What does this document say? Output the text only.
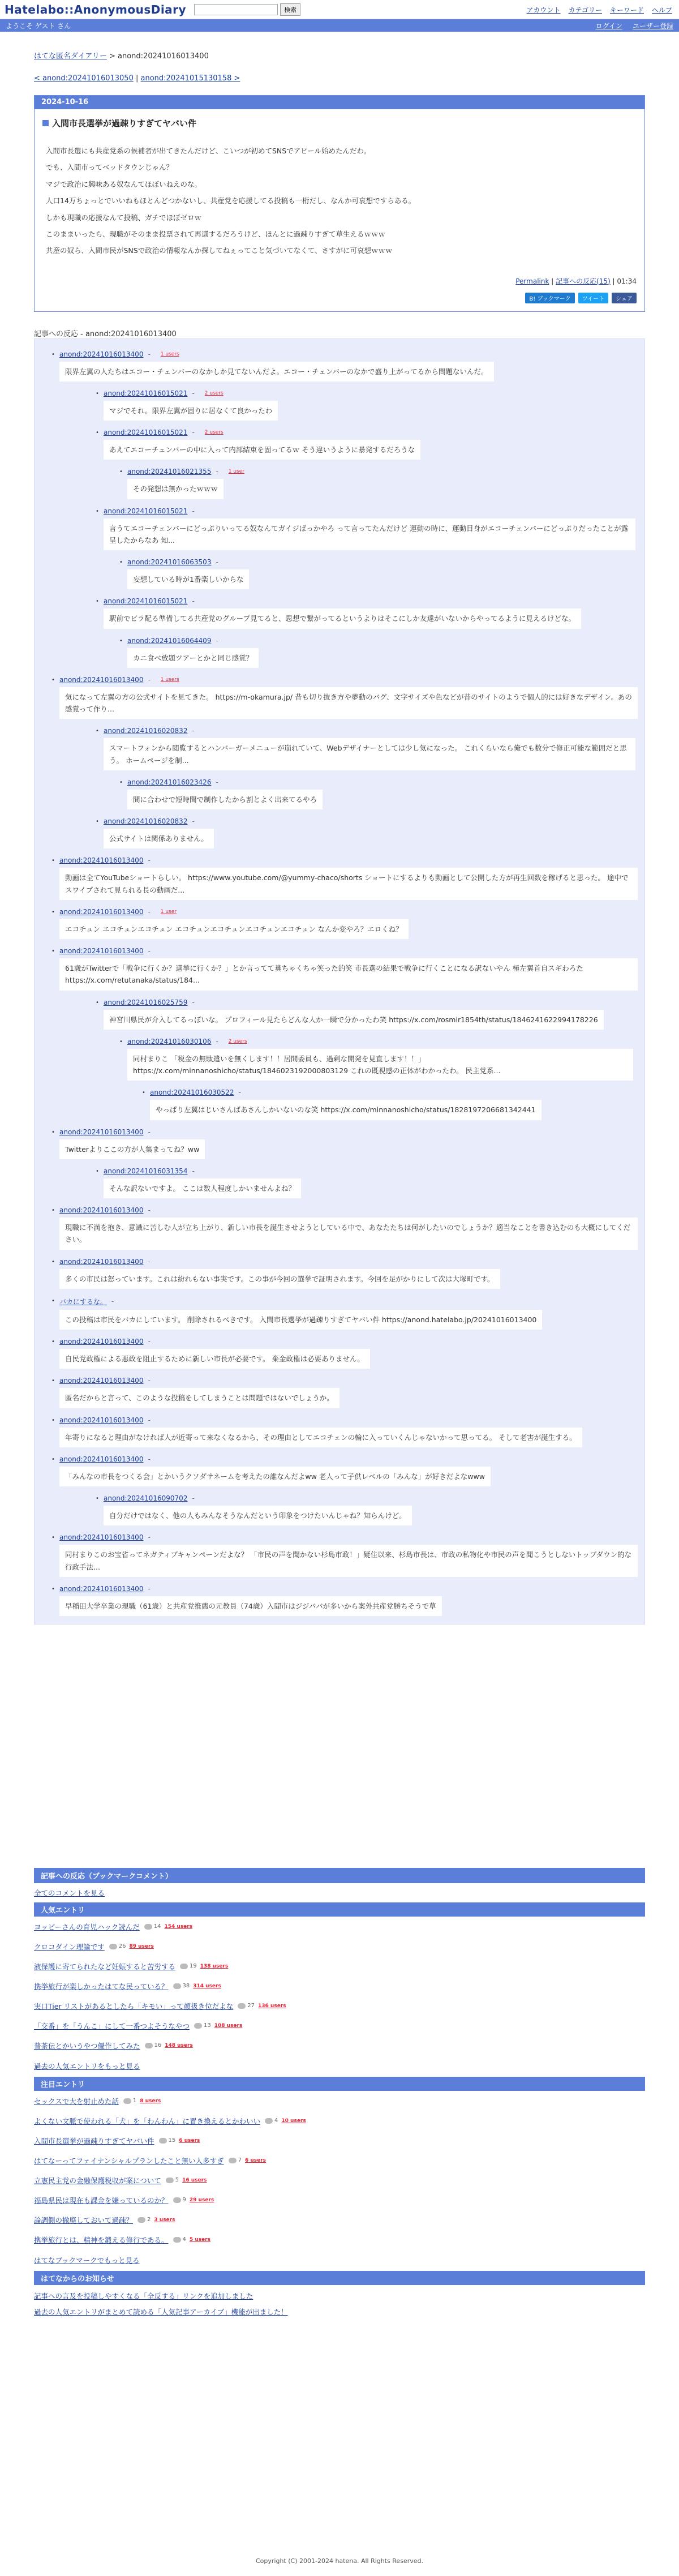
Hatelabo::AnonymousDiary	検索	アカウント カテゴリー キーワード ヘルプ
ようこそ ゲスト さん	ログイン ユーザー登録
はてな匿名ダイアリー > anond:20241016013400
< anond:20241016013050 | anond:20241015130158 >
2024-10-16
入間市長選挙が過疎りすぎてヤバい件
入間市長選にも共産党系の候補者が出てきたんだけど、こいつが初めてSNSでアピール始めたんだわ。
でも、入間市ってベッドタウンじゃん？
マジで政治に興味ある奴なんてほぼいねえのな。
人口14万ちょっとでいいねもほとんどつかないし、共産党を応援してる投稿も一桁だし、なんか可哀想ですらある。
しかも現職の応援なんて投稿、ガチでほぼゼロｗ
このままいったら、現職がそのまま投票されて再選するだろうけど、ほんとに過疎りすぎて草生えるｗｗｗ
共産の奴ら、入間市民がSNSで政治の情報なんか探してねぇってこと気づいてなくて、さすがに可哀想ｗｗｗ
Permalink | 記事への反応(15) | 01:34
B! ブックマーク	ツイート	シェア
記事への反応 - anond:20241016013400
• anond:20241016013400 - 1 users
限界左翼の人たちはエコー・チェンバーのなかしか見てないんだよ。エコー・チェンバーのなかで盛り上がってるから問題ないんだ。
• anond:20241016015021 - 2 users
マジでそれ。限界左翼が固りに居なくて良かったわ
• anond:20241016015021 - 2 users
あえてエコーチェンバーの中に入って内部結束を固ってるｗ そう違いうように暴発するだろうな
• anond:20241016021355 - 1 user
その発想は無かったｗｗｗ
• anond:20241016015021 -
言うてエコーチェンバーにどっぷりいってる奴なんてガイジばっかやろ って言ってたんだけど 運動の時に、運動目身がエコーチェンバーにどっぷりだったことが露呈したからなあ 知...
• anond:20241016063503 -
妄想している時が1番楽しいからな
• anond:20241016015021 -
駅前でビラ配る準備してる共産党のグループ見てると、思想で繋がってるというよりはそこにしか友達がいないからやってるように見えるけどな。
• anond:20241016064409 -
カニ食べ放題ツアーとかと同じ感覚？
• anond:20241016013400 - 1 users
気になって左翼の方の公式サイトを見てきた。 https://m-okamura.jp/ 昔も切り抜き方や夢動のバグ、文字サイズや色などが昔のサイトのようで個人的には好きなデザイン。あの感覚って作り...
• anond:20241016020832 -
スマートフォンから閲覧するとハンバーガーメニューが崩れていて、Webデザイナーとしては少し気になった。 これくらいなら俺でも数分で修正可能な範囲だと思う。 ホームページを制...
• anond:20241016023426 -
間に合わせで短時間で制作したから割とよく出来てるやろ
• anond:20241016020832 -
公式サイトは関係ありません。
• anond:20241016013400 -
動画は全てYouTubeショートらしい。 https://www.youtube.com/@yummy-chaco/shorts ショートにするよりも動画として公開した方が再生回数を稼げると思った。 途中でスワイプされて見られる長の動画だ...
• anond:20241016013400 - 1 user
エコチュン エコチュンエコチュン エコチュンエコチュンエコチュンエコチュン なんか変やろ？エロくね？
• anond:20241016013400 -
61歳がTwitterで「戦争に行くか？選挙に行くか？」とか言ってて糞ちゃくちゃ笑った的笑 市長選の結果で戦争に行くことになる訳ないやん 極左翼首自スギわろた https://x.com/retutanaka/status/184...
• anond:20241016025759 -
神宮川県民が介入してるっぽいな。 プロフィール見たらどんな人か一瞬で分かったわ笑 https://x.com/rosmir1854th/status/1846241622994178226
• anond:20241016030106 - 2 users
同村まりこ 「税金の無駄遣いを無くします！！居間委員も、過剰な開発を見直します！！」 https://x.com/minnanoshicho/status/1846023192000803129 これの既視感の正体がわかったわ。 民主党系...
• anond:20241016030522 -
やっぱり左翼はじいさんばあさんしかいないのな笑 https://x.com/minnanoshicho/status/1828197206681342441
• anond:20241016013400 -
Twitterよりここの方が人集まってね？ww
• anond:20241016031354 -
そんな訳ないですよ。 ここは数人程度しかいませんよね？
• anond:20241016013400 -
現職に不満を抱き、意識に苦しむ人が立ち上がり、新しい市長を誕生させようとしている中で、あなたたちは何がしたいのでしょうか？適当なことを書き込むのも大概にしてください。
• anond:20241016013400 -
多くの市民は怒っています。これは紛れもない事実です。この事が今回の選挙で証明されます。今回を足がかりにして次は大塚町です。
• バカにするな。 -
この投稿は市民をバカにしています。 削除されるべきです。 入間市長選挙が過疎りすぎてヤバい件 https://anond.hatelabo.jp/20241016013400
• anond:20241016013400 -
自民党政権による悪政を阻止するために新しい市長が必要です。 棄金政権は必要ありません。
• anond:20241016013400 -
匿名だからと言って、このような投稿をしてしまうことは問題ではないでしょうか。
• anond:20241016013400 -
年寄りになると理由がなければ人が近寄って来なくなるから、その理由としてエコチェンの輪に入っていくんじゃないかって思ってる。 そして老害が誕生する。
• anond:20241016013400 -
「みんなの市長をつくる会」とかいうクソダサネームを考えたの誰なんだよww 老人って子供レベルの「みんな」が好きだよなwww
• anond:20241016090702 -
自分だけではなく、他の人もみんなそうなんだという印象をつけたいんじゃね？知らんけど。
• anond:20241016013400 -
同村まりこのお宝省ってネガティブキャンペーンだよな？ 「市民の声を聞かない杉島市政！」疑住以来、杉島市長は、市政の私物化や市民の声を聞こうとしないトップダウン的な行政手法...
• anond:20241016013400 -
早稲田大学卒業の現職（61歳）と共産党推薦の元教員（74歳）入間市はジジババが多いから案外共産党勝ちそうで草
記事への反応（ブックマークコメント）
全てのコメントを見る
人気エントリ
ヨッピーさんの育児ハック読んだ	14 154 users
クロコダイン理論です	26 89 users
液保護に寄てられたなど妊娠すると苦労する	19 138 users
携挙旅行が楽しかったはてな民っている？	38 314 users
実口Tier リストがあるとしたら「キモい」って顔扱き位だよな	27 136 users
「交番」を「うんこ」にして一番つよそうなやつ	13 108 users
普茶伝とかいうやつ優作してみた	16 148 users
過去の人気エントリをもっと見る
注目エントリ
セックスで大を射止めた話	1 8 users
よくない文脈で使われる「犬」を「わんわん」に置き換えるとかわいい	4 10 users
入間市長選挙が過疎りすぎてヤバい件	15 6 users
はてなーってファイナンシャルプランしたこと無い人多すぎ	7 6 users
立憲民主党の金融保護税収が案について	5 16 users
福島県民は現在も課金を嫌っているのか？	9 29 users
論調側の撤廃しておいて過疎？	2 3 users
携挙旅行とは、精神を鍛える修行である。	4 5 users
はてなブックマークでもっと見る
はてなからのお知らせ
記事への言及を投稿しやすくなる「全反する」リンクを追加しました
過去の人気エントリがまとめて読める「人気記事アーカイブ」機能が出ました！
Copyright (C) 2001-2024 hatena. All Rights Reserved.
